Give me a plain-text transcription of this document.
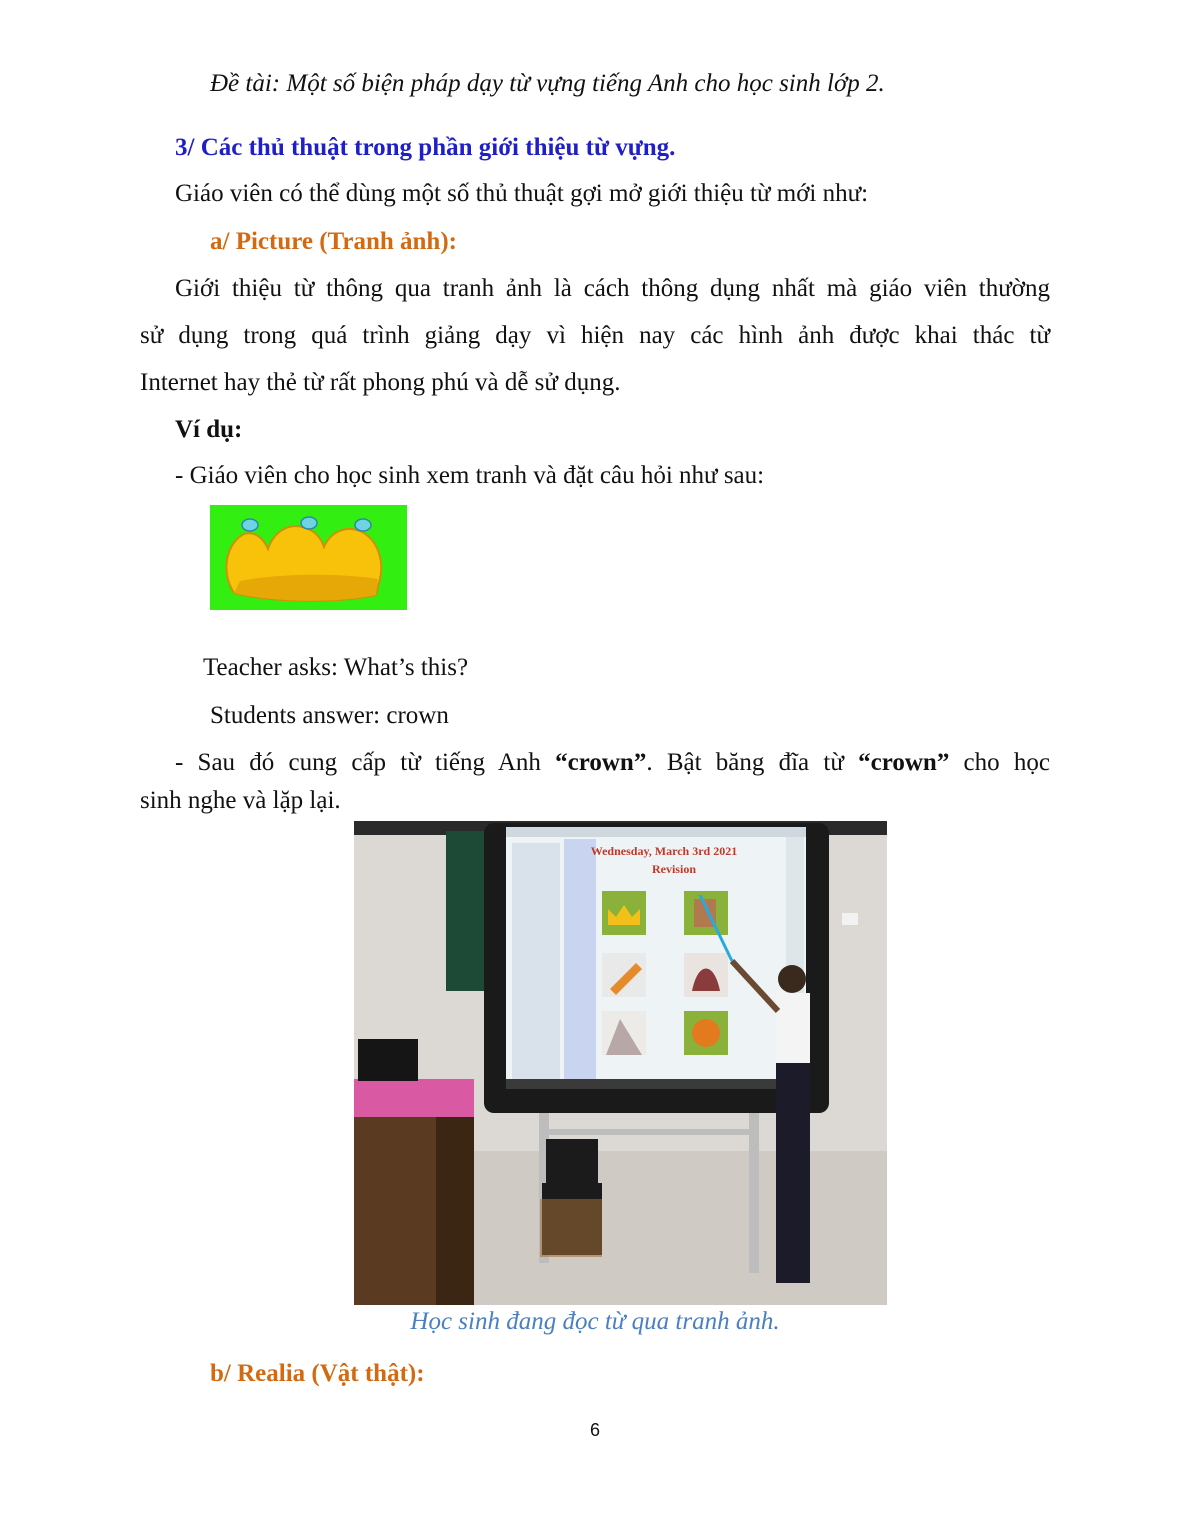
Đề tài: Một số biện pháp dạy từ vựng tiếng Anh cho học sinh lớp 2.
3/ Các thủ thuật trong phần giới thiệu từ vựng.
Giáo viên có thể dùng một số thủ thuật gợi mở giới thiệu từ mới như:
a/ Picture (Tranh ảnh):
Giới thiệu từ thông qua tranh ảnh là cách thông dụng nhất mà giáo viên thường
sử dụng trong quá trình giảng dạy vì hiện nay các hình ảnh được khai thác từ
Internet hay thẻ từ rất phong phú và dễ sử dụng.
Ví dụ:
- Giáo viên cho học sinh xem tranh và đặt câu hỏi như sau:
Teacher asks: What’s this?
Students answer: crown
- Sau đó cung cấp từ tiếng Anh “crown”. Bật băng đĩa từ “crown” cho học
sinh nghe và lặp lại.
Wednesday, March 3rd 2021
Revision
Học sinh đang đọc từ qua tranh ảnh.
b/ Realia (Vật thật):
6
